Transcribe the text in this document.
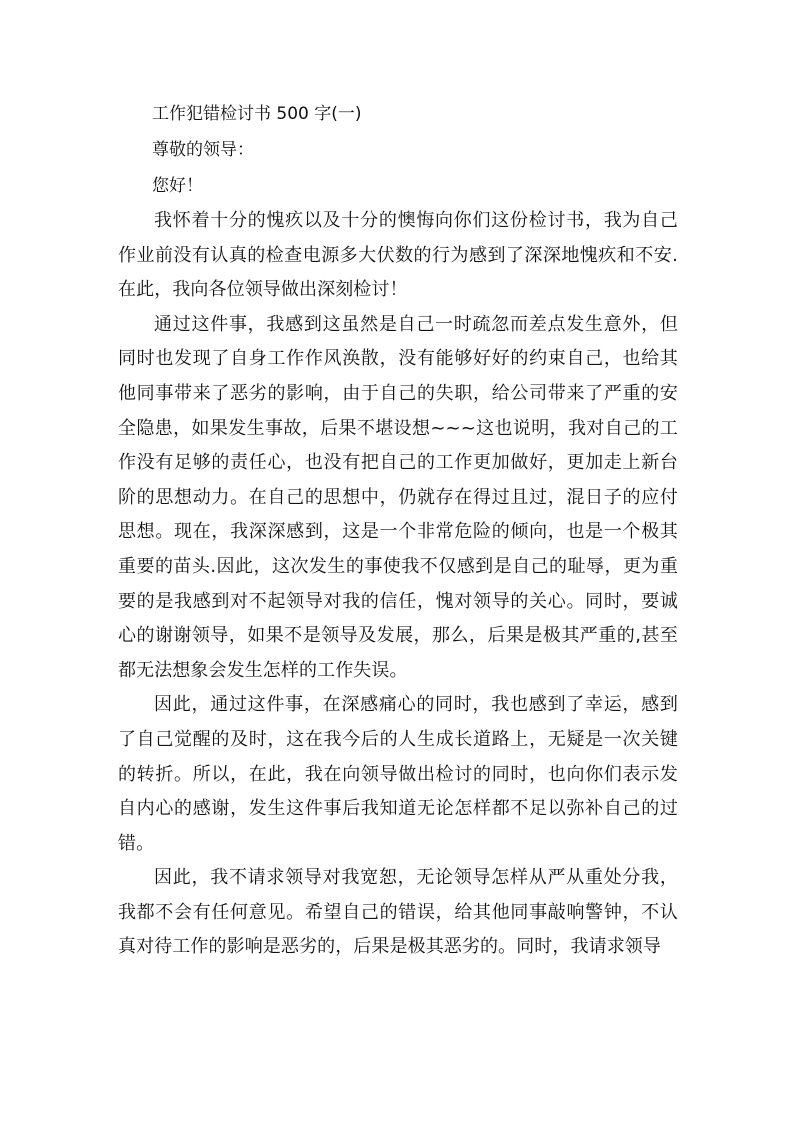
工作犯错检讨书 500 字(一)

尊敬的领导：

您好！

我怀着十分的愧疚以及十分的懊悔向你们这份检讨书，我为自己作业前没有认真的检查电源多大伏数的行为感到了深深地愧疚和不安.在此，我向各位领导做出深刻检讨！

通过这件事，我感到这虽然是自己一时疏忽而差点发生意外，但同时也发现了自身工作作风涣散，没有能够好好的约束自己，也给其他同事带来了恶劣的影响，由于自己的失职，给公司带来了严重的安全隐患，如果发生事故，后果不堪设想~~~这也说明，我对自己的工作没有足够的责任心，也没有把自己的工作更加做好，更加走上新台阶的思想动力。在自己的思想中，仍就存在得过且过，混日子的应付思想。现在，我深深感到，这是一个非常危险的倾向，也是一个极其重要的苗头.因此，这次发生的事使我不仅感到是自己的耻辱，更为重要的是我感到对不起领导对我的信任，愧对领导的关心。同时，要诚心的谢谢领导，如果不是领导及发展，那么，后果是极其严重的,甚至都无法想象会发生怎样的工作失误。

因此，通过这件事，在深感痛心的同时，我也感到了幸运，感到了自己觉醒的及时，这在我今后的人生成长道路上，无疑是一次关键的转折。所以，在此，我在向领导做出检讨的同时，也向你们表示发自内心的感谢，发生这件事后我知道无论怎样都不足以弥补自己的过错。

因此，我不请求领导对我宽恕，无论领导怎样从严从重处分我，我都不会有任何意见。希望自己的错误，给其他同事敲响警钟，不认真对待工作的影响是恶劣的，后果是极其恶劣的。同时，我请求领导
